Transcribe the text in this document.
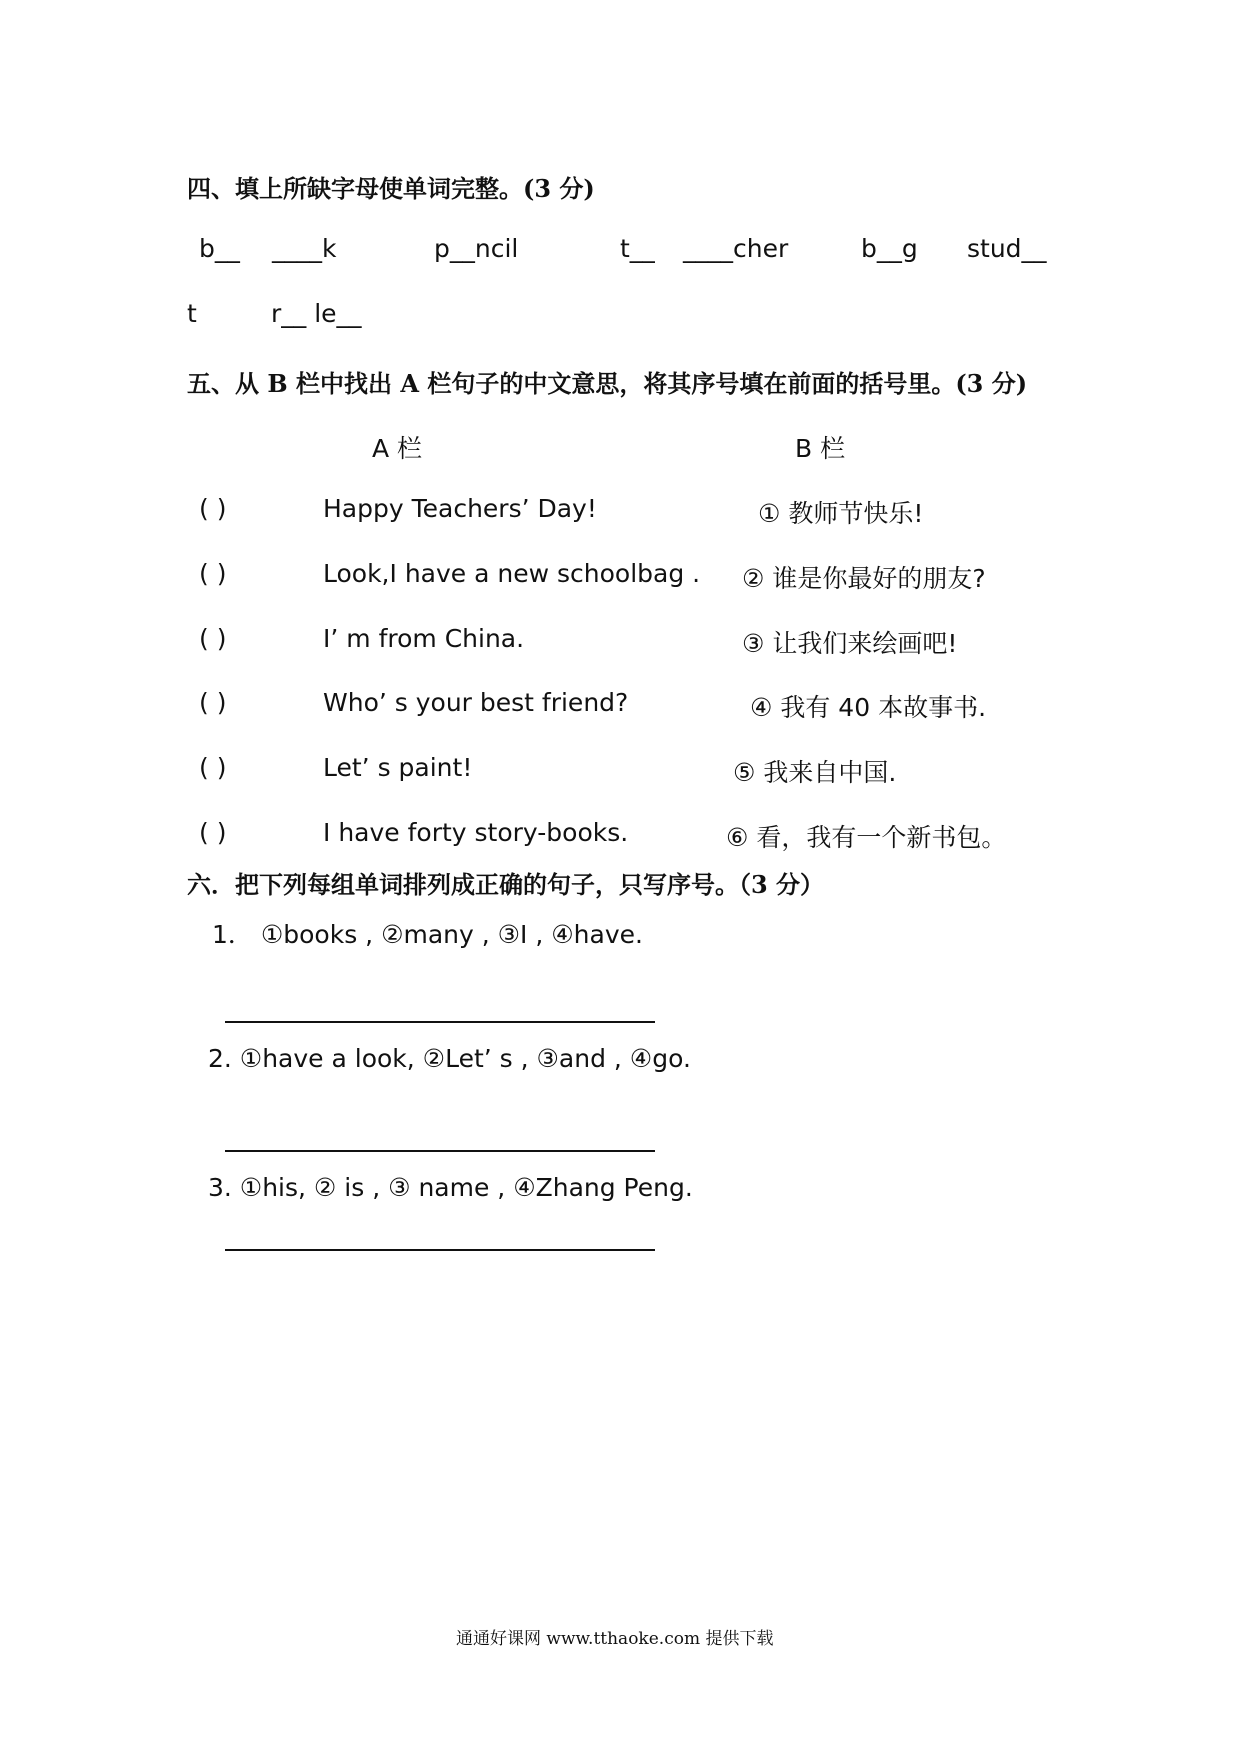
四、填上所缺字母使单词完整。(3 分)
b__ ____k	p__ncil	t__ ____cher	b__g stud__
t	r__ le__
五、从 B 栏中找出 A 栏句子的中文意思，将其序号填在前面的括号里。(3 分)
A 栏	B 栏
( )	Happy Teachers’ Day!	① 教师节快乐!
( )	Look,I have a new schoolbag . ② 谁是你最好的朋友?
( )	I’ m from China.	③ 让我们来绘画吧!
( )	Who’ s your best friend?	④ 我有 40 本故事书.
( )	Let’ s paint!	⑤ 我来自中国.
( )	I have forty story-books.	⑥ 看，我有一个新书包。
六．把下列每组单词排列成正确的句子，只写序号。（3 分）
1． ①books , ②many , ③I , ④have.
2. ①have a look, ②Let’ s , ③and , ④go.
3. ①his, ② is , ③ name , ④Zhang Peng.
通通好课网 www.tthaoke.com 提供下载
